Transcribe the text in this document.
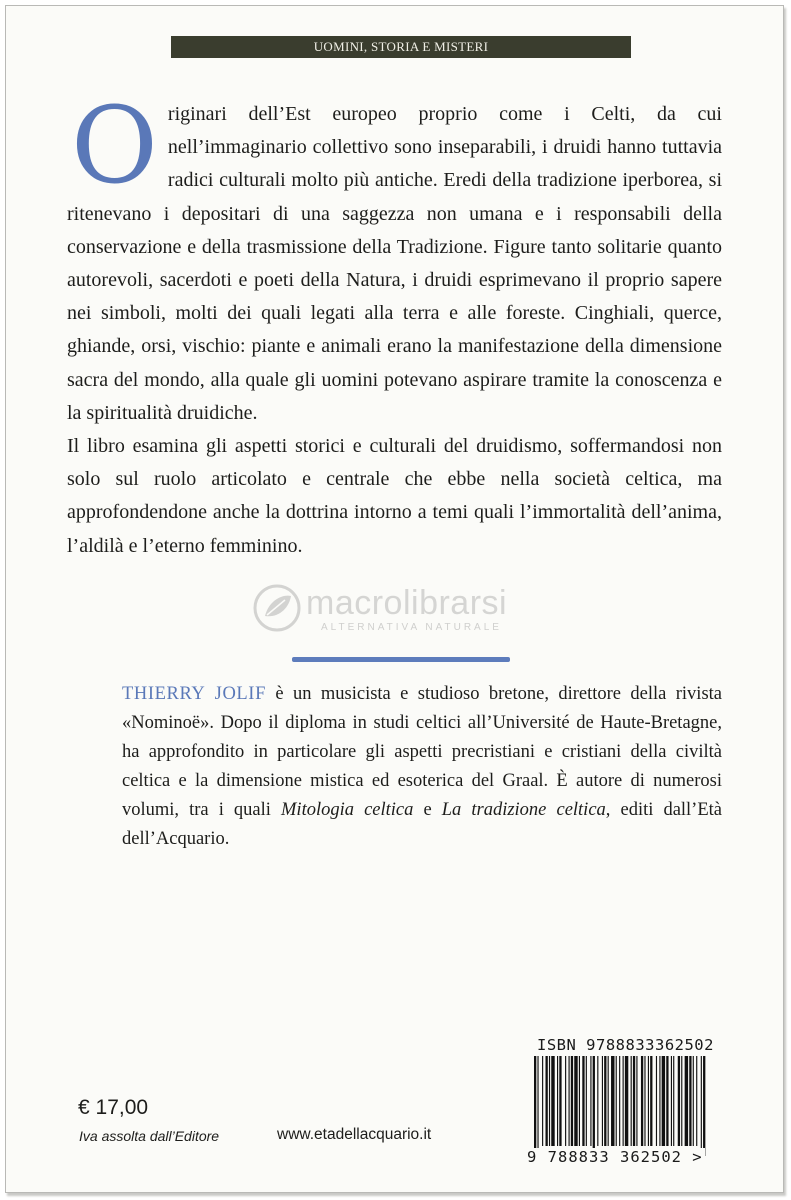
UOMINI, STORIA E MISTERI

Originari dell’Est europeo proprio come i Celti, da cui nell’immaginario collettivo sono inseparabili, i druidi hanno tuttavia radici culturali molto più antiche. Eredi della tradizione iperborea, si ritenevano i depositari di una saggezza non umana e i responsabili della conservazione e della trasmissione della Tradizione. Figure tanto solitarie quanto autorevoli, sacerdoti e poeti della Natura, i druidi esprimevano il proprio sapere nei simboli, molti dei quali legati alla terra e alle foreste. Cinghiali, querce, ghiande, orsi, vischio: piante e animali erano la manifestazione della dimensione sacra del mondo, alla quale gli uomini potevano aspirare tramite la conoscenza e la spiritualità druidiche.

Il libro esamina gli aspetti storici e culturali del druidismo, soffermandosi non solo sul ruolo articolato e centrale che ebbe nella società celtica, ma approfondendone anche la dottrina intorno a temi quali l’immortalità dell’anima, l’aldilà e l’eterno femminino.

macrolibrarsi
ALTERNATIVA NATURALE

THIERRY JOLIF è un musicista e studioso bretone, direttore della rivista «Nominoë». Dopo il diploma in studi celtici all’Université de Haute-Bretagne, ha approfondito in particolare gli aspetti precristiani e cristiani della civiltà celtica e la dimensione mistica ed esoterica del Graal. È autore di numerosi volumi, tra i quali Mitologia celtica e La tradizione celtica, editi dall’Età dell’Acquario.

ISBN 9788833362502
9 788833 362502 >
€ 17,00
Iva assolta dall’Editore	www.etadellacquario.it
